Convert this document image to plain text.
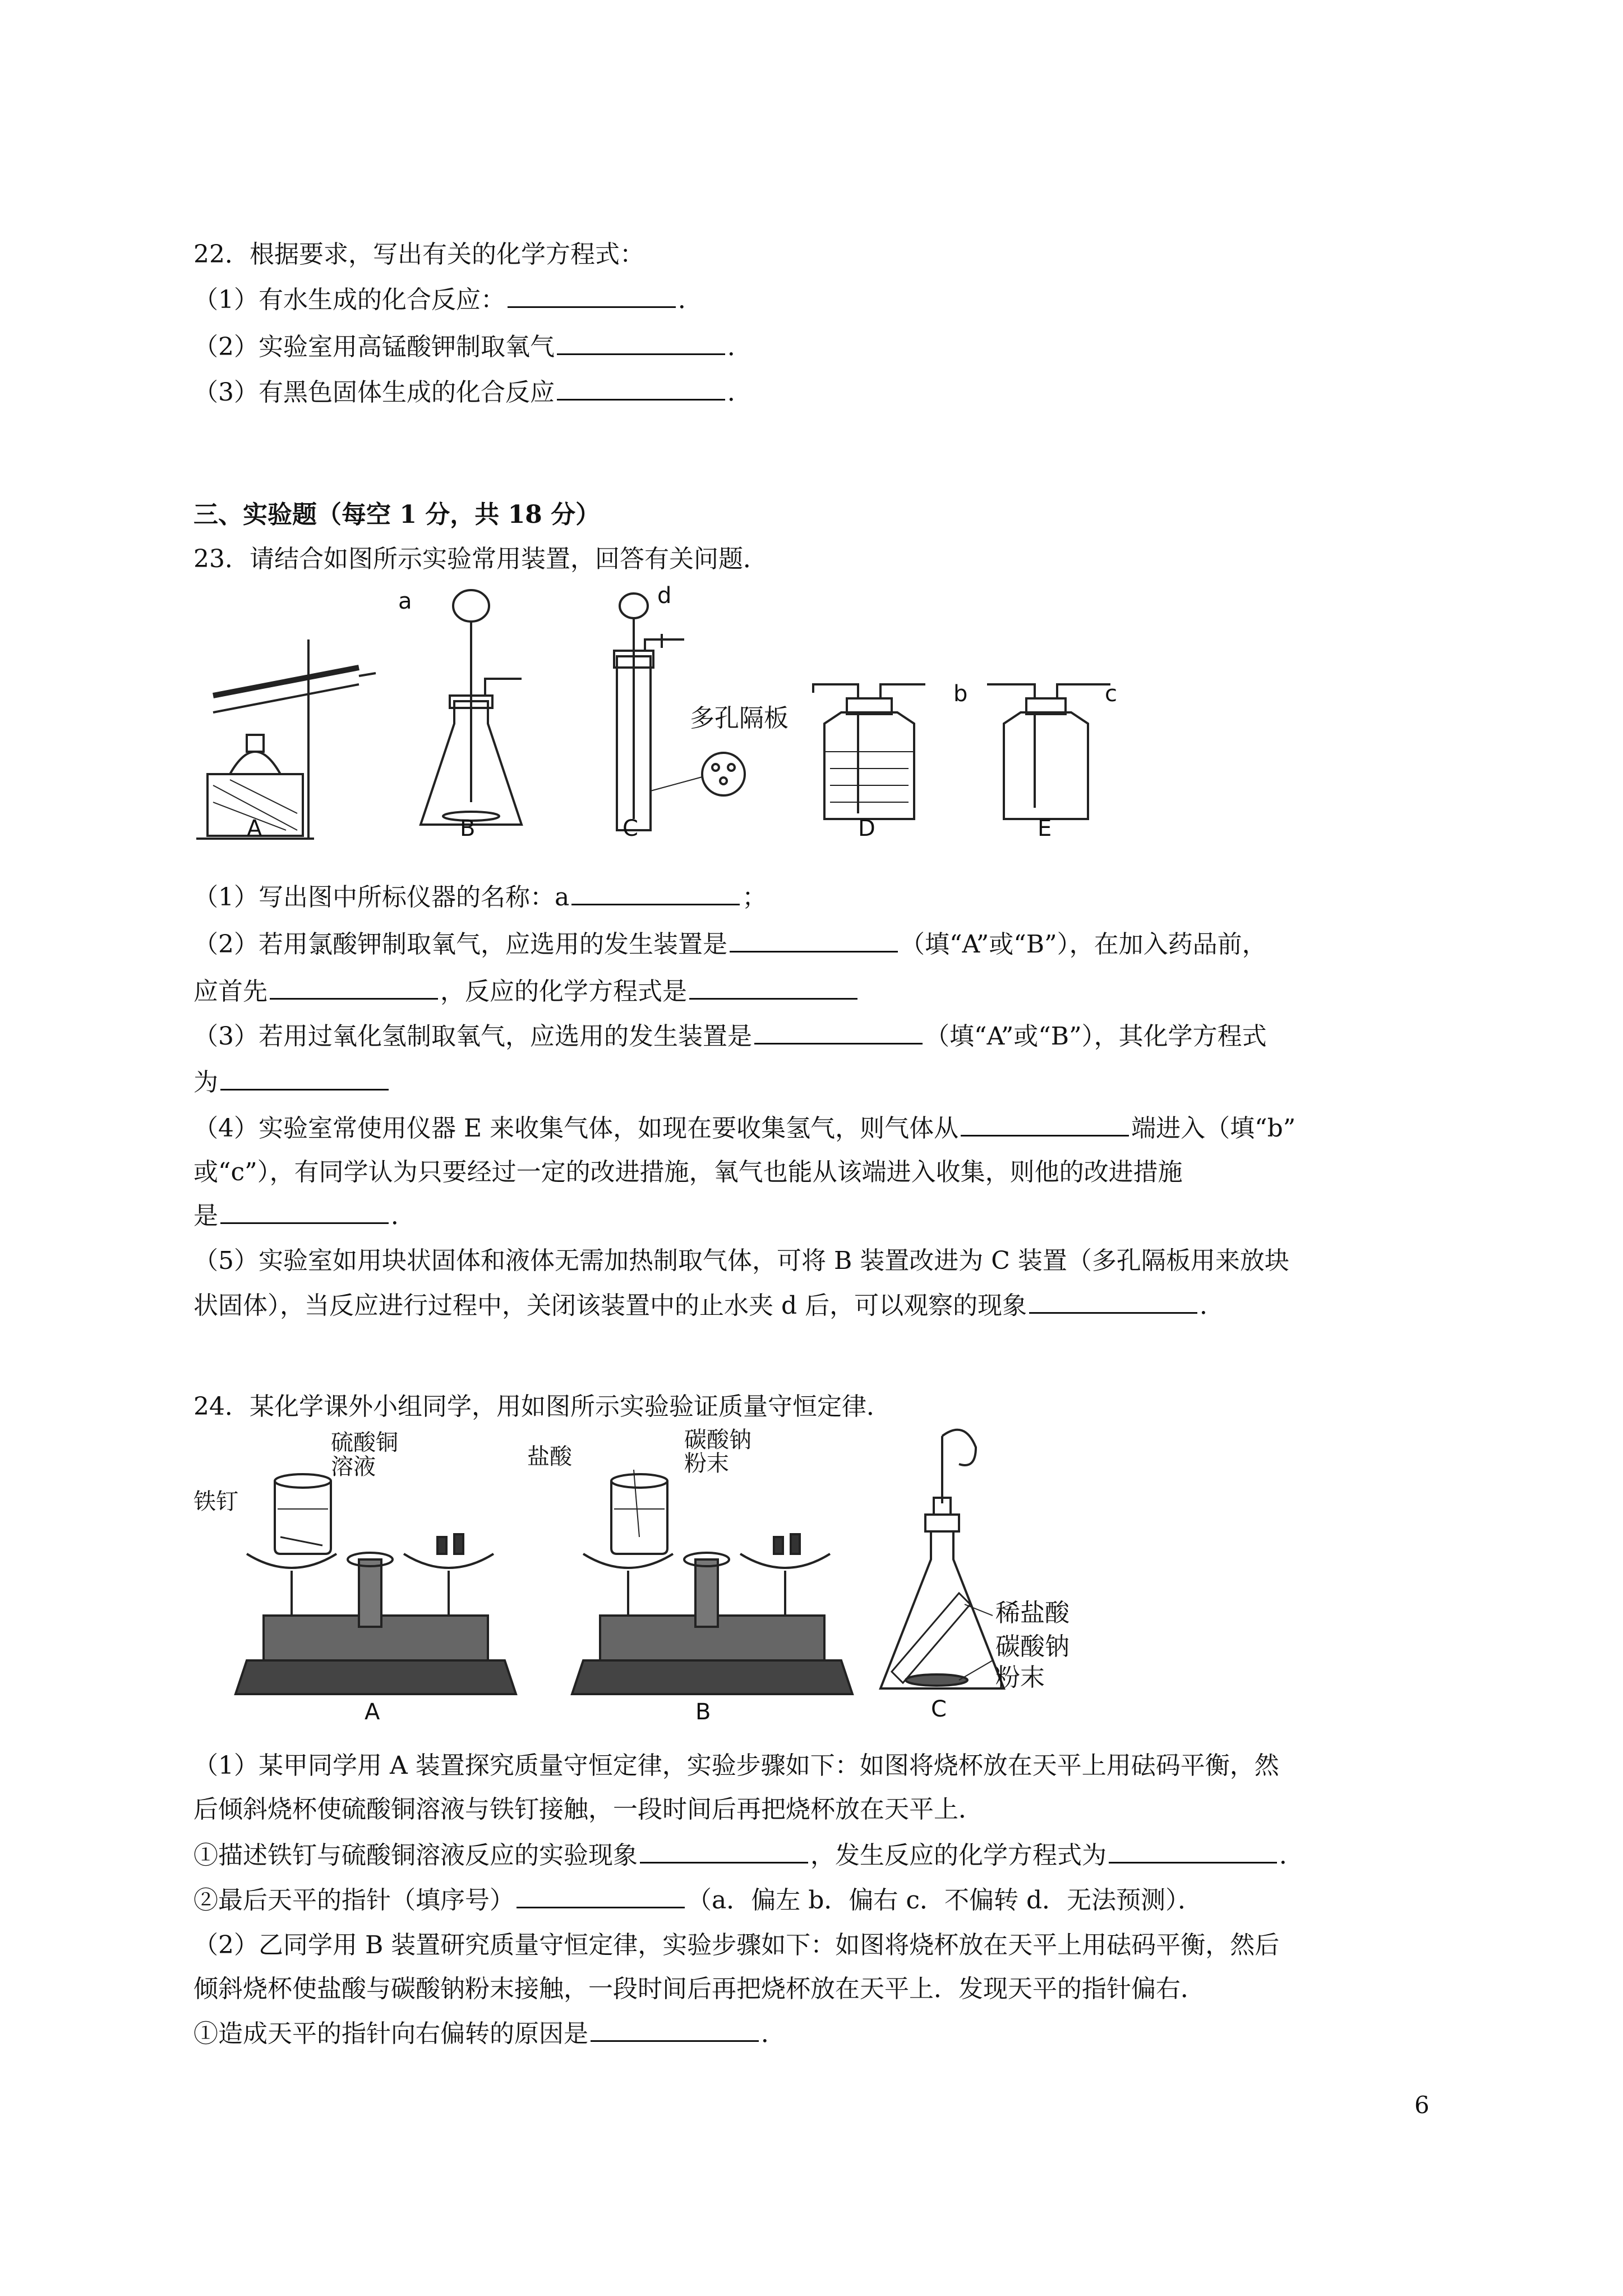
22．根据要求，写出有关的化学方程式：
（1）有水生成的化合反应：	．
（2）实验室用高锰酸钾制取氧气	．
（3）有黑色固体生成的化合反应	．
三、实验题（每空 1 分，共 18 分）
23．请结合如图所示实验常用装置，回答有关问题．
A	B	C	D	E
a	d
b	c
多孔隔板
（1）写出图中所标仪器的名称：a	；
（2）若用氯酸钾制取氧气，应选用的发生装置是	（填“A”或“B”），在加入药品前，
应首先	，反应的化学方程式是
（3）若用过氧化氢制取氧气，应选用的发生装置是	（填“A”或“B”），其化学方程式
为
（4）实验室常使用仪器 E 来收集气体，如现在要收集氢气，则气体从	端进入（填“b”
或“c”），有同学认为只要经过一定的改进措施，氧气也能从该端进入收集，则他的改进措施
是	．
（5）实验室如用块状固体和液体无需加热制取气体，可将 B 装置改进为 C 装置（多孔隔板用来放块
状固体），当反应进行过程中，关闭该装置中的止水夹 d 后，可以观察的现象	．
24．某化学课外小组同学，用如图所示实验验证质量守恒定律．
A	B	C
铁钉
硫酸铜
溶液	盐酸
碳酸钠
粉末
稀盐酸
碳酸钠
粉末
（1）某甲同学用 A 装置探究质量守恒定律，实验步骤如下：如图将烧杯放在天平上用砝码平衡，然
后倾斜烧杯使硫酸铜溶液与铁钉接触，一段时间后再把烧杯放在天平上．
①描述铁钉与硫酸铜溶液反应的实验现象	，发生反应的化学方程式为	．
②最后天平的指针（填序号）	（a．偏左 b．偏右 c．不偏转 d．无法预测）．
（2）乙同学用 B 装置研究质量守恒定律，实验步骤如下：如图将烧杯放在天平上用砝码平衡，然后
倾斜烧杯使盐酸与碳酸钠粉末接触，一段时间后再把烧杯放在天平上．发现天平的指针偏右．
①造成天平的指针向右偏转的原因是	．
6
